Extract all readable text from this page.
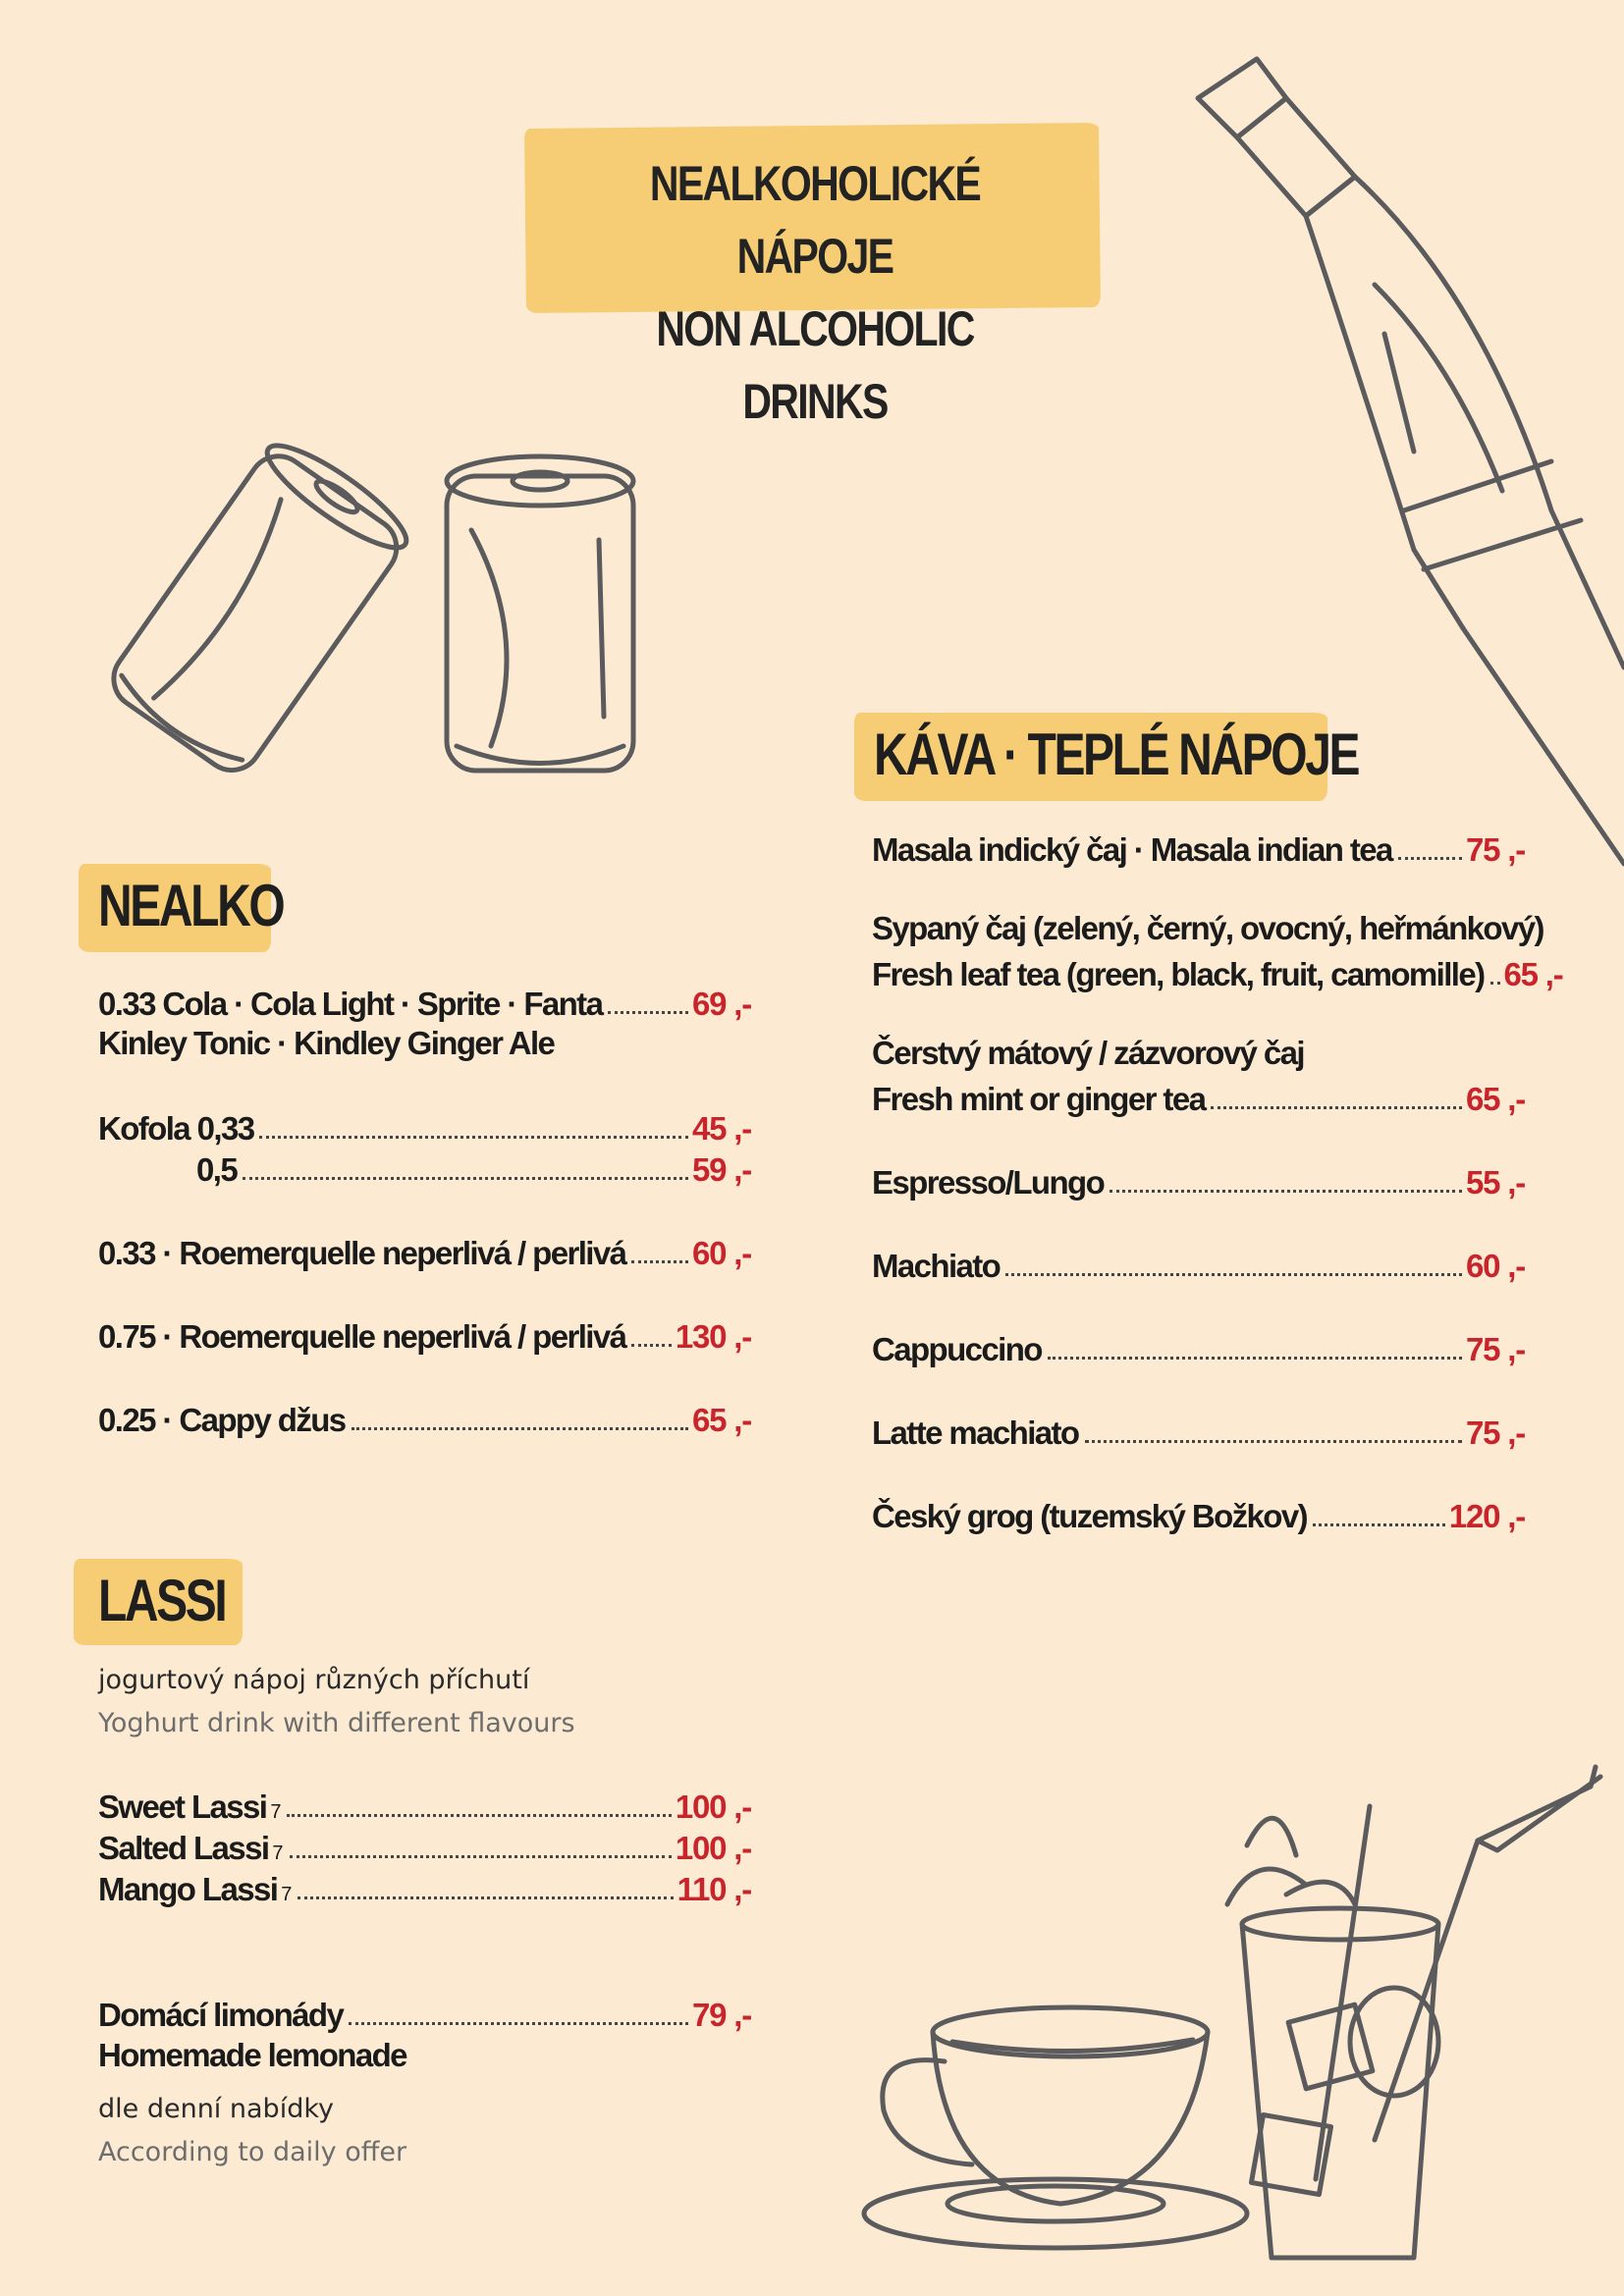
NEALKOHOLICKÉ NÁPOJE
NON ALCOHOLIC DRINKS
NEALKO
0.33 Cola · Cola Light · Sprite · Fanta	69 ,-
Kinley Tonic · Kindley Ginger Ale
Kofola 0,33	45 ,-
0,5	59 ,-
0.33 · Roemerquelle neperlivá / perlivá 60 ,-
0.75 · Roemerquelle neperlivá / perlivá 130 ,-
0.25 · Cappy džus	65 ,-
LASSI
jogurtový nápoj různých příchutí
Yoghurt drink with different flavours
Sweet Lassi 7	100 ,-
Salted Lassi 7	100 ,-
Mango Lassi 7	110 ,-
Domácí limonády	79 ,-
Homemade lemonade
dle denní nabídky
According to daily offer
KÁVA · TEPLÉ NÁPOJE
Masala indický čaj · Masala indian tea 75 ,-
Sypaný čaj (zelený, černý, ovocný, heřmánkový)
Fresh leaf tea (green, black, fruit, camomille) 65 ,-
Čerstvý mátový / zázvorový čaj
Fresh mint or ginger tea	65 ,-
Espresso/Lungo	55 ,-
Machiato	60 ,-
Cappuccino	75 ,-
Latte machiato	75 ,-
Český grog (tuzemský Božkov)	120 ,-
